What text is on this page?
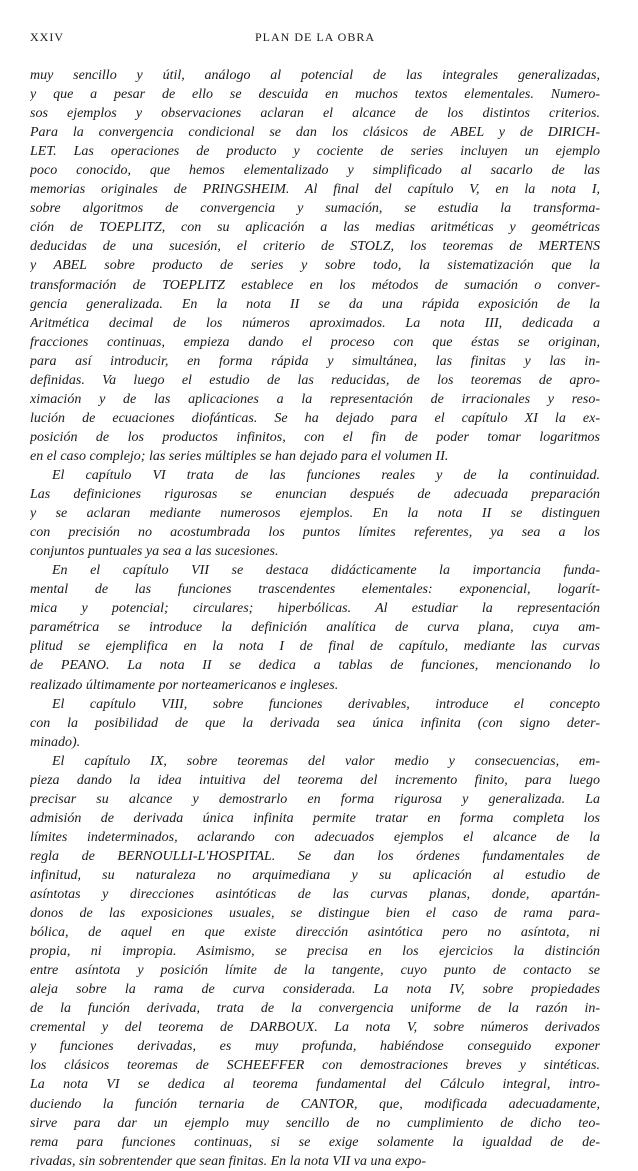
XXIV	PLAN DE LA OBRA
muy sencillo y útil, análogo al potencial de las integrales generalizadas,
y que a pesar de ello se descuida en muchos textos elementales. Numero-
sos ejemplos y observaciones aclaran el alcance de los distintos criterios.
Para la convergencia condicional se dan los clásicos de ABEL y de DIRICH-
LET. Las operaciones de producto y cociente de series incluyen un ejemplo
poco conocido, que hemos elementalizado y simplificado al sacarlo de las
memorias originales de PRINGSHEIM. Al final del capítulo V, en la nota I,
sobre algoritmos de convergencia y sumación, se estudia la transforma-
ción de TOEPLITZ, con su aplicación a las medias aritméticas y geométricas
deducidas de una sucesión, el criterio de STOLZ, los teoremas de MERTENS
y ABEL sobre producto de series y sobre todo, la sistematización que la
transformación de TOEPLITZ establece en los métodos de sumación o conver-
gencia generalizada. En la nota II se da una rápida exposición de la
Aritmética decimal de los números aproximados. La nota III, dedicada a
fracciones continuas, empieza dando el proceso con que éstas se originan,
para así introducir, en forma rápida y simultánea, las finitas y las in-
definidas. Va luego el estudio de las reducidas, de los teoremas de apro-
ximación y de las aplicaciones a la representación de irracionales y reso-
lución de ecuaciones diofánticas. Se ha dejado para el capítulo XI la ex-
posición de los productos infinitos, con el fin de poder tomar logaritmos
en el caso complejo; las series múltiples se han dejado para el volumen II.
El capítulo VI trata de las funciones reales y de la continuidad.
Las definiciones rigurosas se enuncian después de adecuada preparación
y se aclaran mediante numerosos ejemplos. En la nota II se distinguen
con precisión no acostumbrada los puntos límites referentes, ya sea a los
conjuntos puntuales ya sea a las sucesiones.
En el capítulo VII se destaca didácticamente la importancia funda-
mental de las funciones trascendentes elementales: exponencial, logarít-
mica y potencial; circulares; hiperbólicas. Al estudiar la representación
paramétrica se introduce la definición analítica de curva plana, cuya am-
plitud se ejemplifica en la nota I de final de capítulo, mediante las curvas
de PEANO. La nota II se dedica a tablas de funciones, mencionando lo
realizado últimamente por norteamericanos e ingleses.
El capítulo VIII, sobre funciones derivables, introduce el concepto
con la posibilidad de que la derivada sea única infinita (con signo deter-
minado).
El capítulo IX, sobre teoremas del valor medio y consecuencias, em-
pieza dando la idea intuitiva del teorema del incremento finito, para luego
precisar su alcance y demostrarlo en forma rigurosa y generalizada. La
admisión de derivada única infinita permite tratar en forma completa los
límites indeterminados, aclarando con adecuados ejemplos el alcance de la
regla de BERNOULLI-L'HOSPITAL. Se dan los órdenes fundamentales de
infinitud, su naturaleza no arquimediana y su aplicación al estudio de
asíntotas y direcciones asintóticas de las curvas planas, donde, apartán-
donos de las exposiciones usuales, se distingue bien el caso de rama para-
bólica, de aquel en que existe dirección asintótica pero no asíntota, ni
propia, ni impropia. Asimismo, se precisa en los ejercicios la distinción
entre asíntota y posición límite de la tangente, cuyo punto de contacto se
aleja sobre la rama de curva considerada. La nota IV, sobre propiedades
de la función derivada, trata de la convergencia uniforme de la razón in-
cremental y del teorema de DARBOUX. La nota V, sobre números derivados
y funciones derivadas, es muy profunda, habiéndose conseguido exponer
los clásicos teoremas de SCHEEFFER con demostraciones breves y sintéticas.
La nota VI se dedica al teorema fundamental del Cálculo integral, intro-
duciendo la función ternaria de CANTOR, que, modificada adecuadamente,
sirve para dar un ejemplo muy sencillo de no cumplimiento de dicho teo-
rema para funciones continuas, si se exige solamente la igualdad de de-
rivadas, sin sobrentender que sean finitas. En la nota VII va una expo-
